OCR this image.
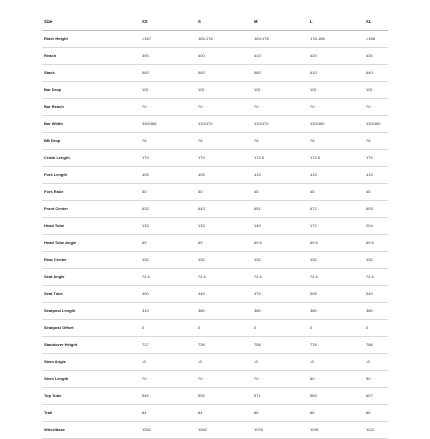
Size	XS	S	M	L	XL
Rider Height	<167	165-176	169-178	176-186	>188
Reach	390	400	410	420	430
Stack	560	560	580	610	640
Bar Drop	115	115	115	115	115
Bar Reach	70	70	70	70	70
Bar Width	390/468	410/479	410/479	430/489	430/489
BB Drop	76	76	76	76	76
Crank Length	170	170	172.5	172.5	175
Fork Length	405	405	415	415	415
Fork Rake	50	50	45	45	45
Front Center	633	643	651	672	693
Head Tube	133	133	140	172	204
Head Tube Angle	69	69	69.5	69.5	69.5
Rear Center	430	430	430	430	430
Seat Angle	74.5	74.5	74.5	74.5	74.5
Seat Tube	400	445	475	505	540
Seatpost Length	310	380	380	380	380
Seatpost Offset	0	0	0	0	0
Standover Height	727	736	758	778	786
Stem Angle	-8	-8	-8	-8	-8
Stem Length	70	70	70	80	90
Top Tube	545	555	571	589	607
Trail	84	84	86	86	86
Wheelbase	1052	1062	1076	1091	1112
